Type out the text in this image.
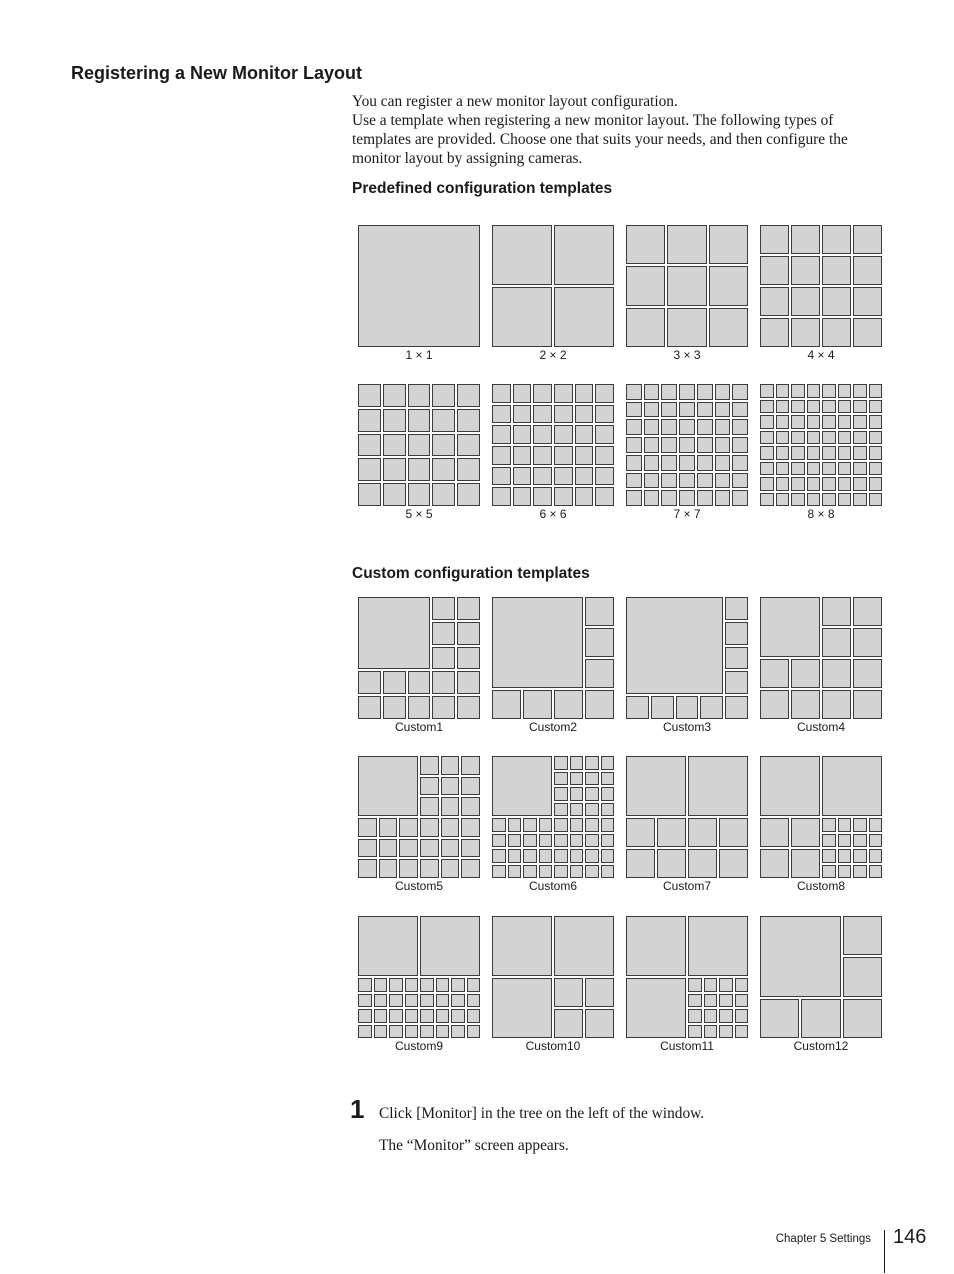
Registering a New Monitor Layout

You can register a new monitor layout configuration.

Use a template when registering a new monitor layout. The following types of templates are provided. Choose one that suits your needs, and then configure the monitor layout by assigning cameras.

Predefined configuration templates
1 × 1	2 × 2	3 × 3	4 × 4
5 × 5	6 × 6	7 × 7	8 × 8
Custom configuration templates
Custom1	Custom2	Custom3	Custom4
Custom5	Custom6	Custom7	Custom8
Custom9	Custom10	Custom11	Custom12
1 Click [Monitor] in the tree on the left of the window.
The “Monitor” screen appears.
Chapter 5 Settings 146
